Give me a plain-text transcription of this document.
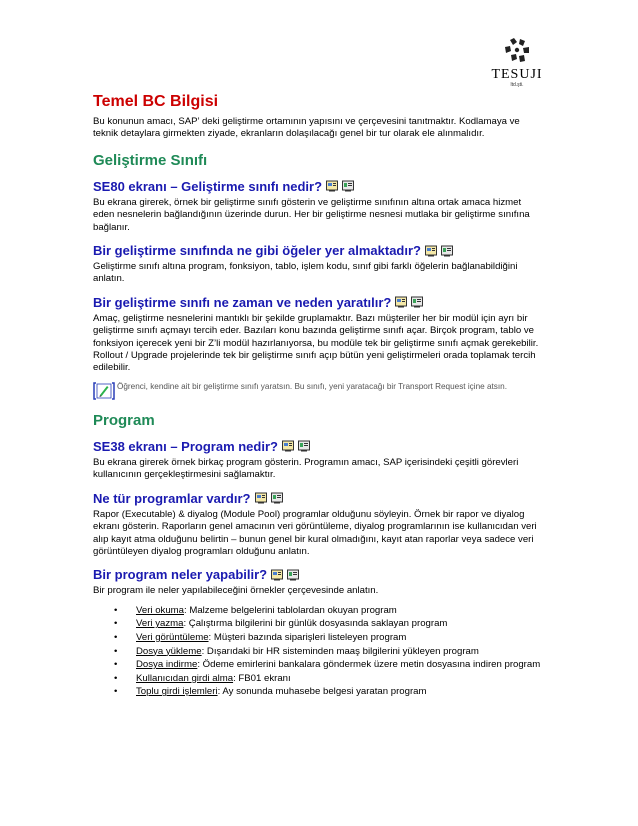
TESUJI
ltd.şti.
Temel BC Bilgisi

Bu konunun amacı, SAP’ deki geliştirme ortamının yapısını ve çerçevesini tanıtmaktır. Kodlamaya ve teknik detaylara girmekten ziyade, ekranların dolaşılacağı genel bir tur olarak ele alınmalıdır.

Geliştirme Sınıfı
SE80 ekranı – Geliştirme sınıfı nedir?

Bu ekrana girerek, örnek bir geliştirme sınıfı gösterin ve geliştirme sınıfının altına ortak amaca hizmet eden nesnelerin bağlandığının üzerinde durun. Her bir geliştirme nesnesi mutlaka bir geliştirme sınıfına bağlanır.

Bir geliştirme sınıfında ne gibi öğeler yer almaktadır?

Geliştirme sınıfı altına program, fonksiyon, tablo, işlem kodu, sınıf gibi farklı öğelerin bağlanabildiğini anlatın.

Bir geliştirme sınıfı ne zaman ve neden yaratılır?

Amaç, geliştirme nesnelerini mantıklı bir şekilde gruplamaktır. Bazı müşteriler her bir modül için ayrı bir geliştirme sınıfı açmayı tercih eder. Bazıları konu bazında geliştirme sınıfı açar. Birçok program, tablo ve fonksiyon içerecek yeni bir Z’li modül hazırlanıyorsa, bu modüle tek bir geliştirme sınıfı açmak gerekebilir. Rollout / Upgrade projelerinde tek bir geliştirme sınıfı açıp bütün yeni geliştirmeleri orada toplamak tercih edilebilir.

Öğrenci, kendine ait bir geliştirme sınıfı yaratsın. Bu sınıfı, yeni yaratacağı bir Transport Request içine atsın.
Program
SE38 ekranı – Program nedir?

Bu ekrana girerek örnek birkaç program gösterin. Programın amacı, SAP içerisindeki çeşitli görevleri kullanıcının gerçekleştirmesini sağlamaktır.

Ne tür programlar vardır?

Rapor (Executable) & diyalog (Module Pool) programlar olduğunu söyleyin. Örnek bir rapor ve diyalog ekranı gösterin. Raporların genel amacının veri görüntüleme, diyalog programlarının ise kullanıcıdan veri alıp kayıt atma olduğunu belirtin – bunun genel bir kural olmadığını, kayıt atan raporlar veya sadece veri görüntüleyen diyalog programları olduğunu anlatın.

Bir program neler yapabilir?

Bir program ile neler yapılabileceğini örnekler çerçevesinde anlatın.

• Veri okuma: Malzeme belgelerini tablolardan okuyan program
• Veri yazma: Çalıştırma bilgilerini bir günlük dosyasında saklayan program
• Veri görüntüleme: Müşteri bazında siparişleri listeleyen program
• Dosya yükleme: Dışarıdaki bir HR sisteminden maaş bilgilerini yükleyen program
• Dosya indirme: Ödeme emirlerini bankalara göndermek üzere metin dosyasına indiren program
• Kullanıcıdan girdi alma: FB01 ekranı
• Toplu girdi işlemleri: Ay sonunda muhasebe belgesi yaratan program
